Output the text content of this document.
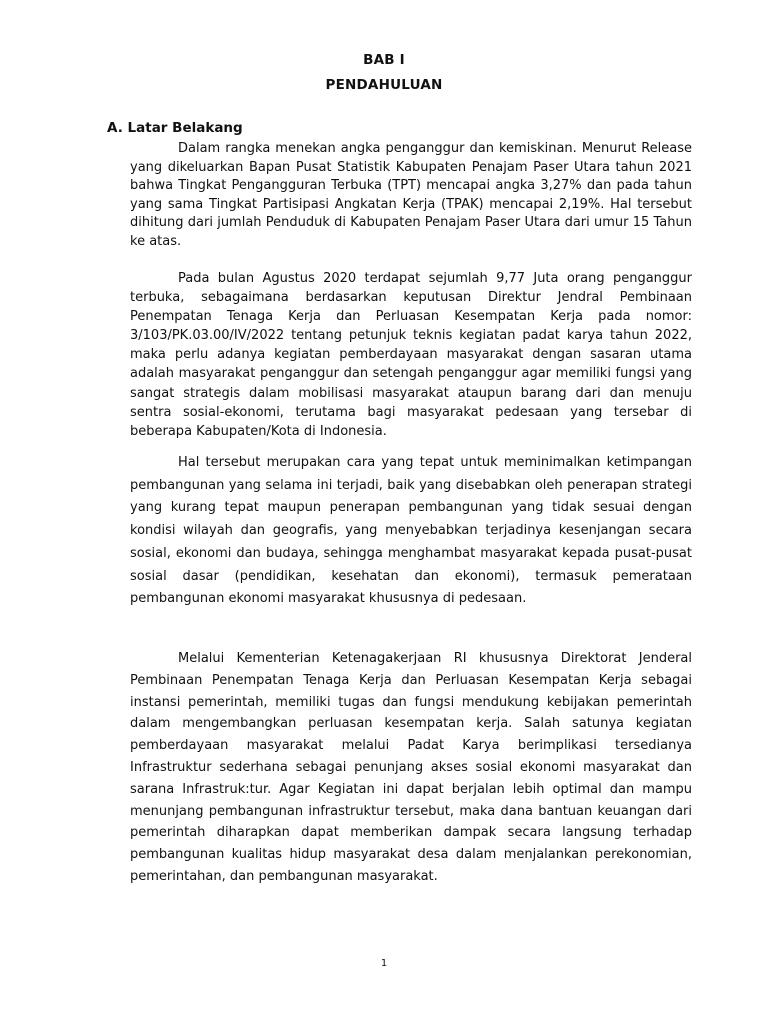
BAB I
PENDAHULUAN
A. Latar Belakang

Dalam rangka menekan angka penganggur dan kemiskinan. Menurut Release yang dikeluarkan Bapan Pusat Statistik Kabupaten Penajam Paser Utara tahun 2021 bahwa Tingkat Pengangguran Terbuka (TPT) mencapai angka 3,27% dan pada tahun yang sama Tingkat Partisipasi Angkatan Kerja (TPAK) mencapai 2,19%. Hal tersebut dihitung dari jumlah Penduduk di Kabupaten Penajam Paser Utara dari umur 15 Tahun ke atas.

Pada bulan Agustus 2020 terdapat sejumlah 9,77 Juta orang penganggur terbuka, sebagaimana berdasarkan keputusan Direktur Jendral Pembinaan Penempatan Tenaga Kerja dan Perluasan Kesempatan Kerja pada nomor: 3/103/PK.03.00/IV/2022 tentang petunjuk teknis kegiatan padat karya tahun 2022, maka perlu adanya kegiatan pemberdayaan masyarakat dengan sasaran utama adalah masyarakat penganggur dan setengah penganggur agar memiliki fungsi yang sangat strategis dalam mobilisasi masyarakat ataupun barang dari dan menuju sentra sosial-ekonomi, terutama bagi masyarakat pedesaan yang tersebar di beberapa Kabupaten/Kota di Indonesia.

Hal tersebut merupakan cara yang tepat untuk meminimalkan ketimpangan pembangunan yang selama ini terjadi, baik yang disebabkan oleh penerapan strategi yang kurang tepat maupun penerapan pembangunan yang tidak sesuai dengan kondisi wilayah dan geografis, yang menyebabkan terjadinya kesenjangan secara sosial, ekonomi dan budaya, sehingga menghambat masyarakat kepada pusat-pusat sosial dasar (pendidikan, kesehatan dan ekonomi), termasuk pemerataan pembangunan ekonomi masyarakat khususnya di pedesaan.

Melalui Kementerian Ketenagakerjaan RI khususnya Direktorat Jenderal Pembinaan Penempatan Tenaga Kerja dan Perluasan Kesempatan Kerja sebagai instansi pemerintah, memiliki tugas dan fungsi mendukung kebijakan pemerintah dalam mengembangkan perluasan kesempatan kerja. Salah satunya kegiatan pemberdayaan masyarakat melalui Padat Karya berimplikasi tersedianya Infrastruktur sederhana sebagai penunjang akses sosial ekonomi masyarakat dan sarana Infrastruk:tur. Agar Kegiatan ini dapat berjalan lebih optimal dan mampu menunjang pembangunan infrastruktur tersebut, maka dana bantuan keuangan dari pemerintah diharapkan dapat memberikan dampak secara langsung terhadap pembangunan kualitas hidup masyarakat desa dalam menjalankan perekonomian, pemerintahan, dan pembangunan masyarakat.

1
